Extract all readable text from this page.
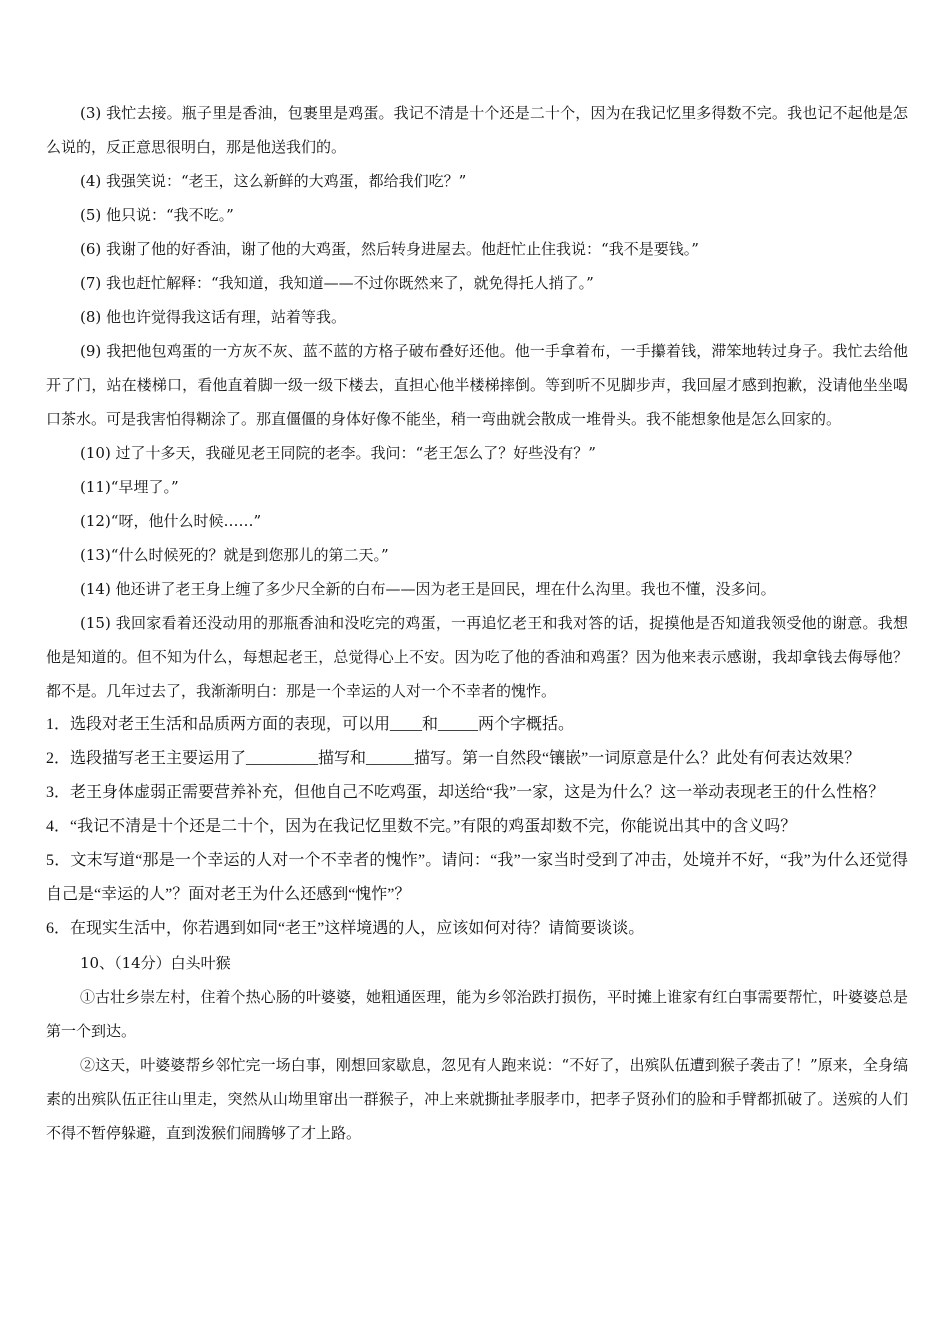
(3) 我忙去接。瓶子里是香油，包裹里是鸡蛋。我记不清是十个还是二十个，因为在我记忆里多得数不完。我也记不起他是怎么说的，反正意思很明白，那是他送我们的。

(4) 我强笑说：“老王，这么新鲜的大鸡蛋，都给我们吃？”

(5) 他只说：“我不吃。”

(6) 我谢了他的好香油，谢了他的大鸡蛋，然后转身进屋去。他赶忙止住我说：“我不是要钱。”

(7) 我也赶忙解释：“我知道，我知道——不过你既然来了，就免得托人捎了。”

(8) 他也许觉得我这话有理，站着等我。

(9) 我把他包鸡蛋的一方灰不灰、蓝不蓝的方格子破布叠好还他。他一手拿着布，一手攥着钱，滞笨地转过身子。我忙去给他开了门，站在楼梯口，看他直着脚一级一级下楼去，直担心他半楼梯摔倒。等到听不见脚步声，我回屋才感到抱歉，没请他坐坐喝口茶水。可是我害怕得糊涂了。那直僵僵的身体好像不能坐，稍一弯曲就会散成一堆骨头。我不能想象他是怎么回家的。

(10) 过了十多天，我碰见老王同院的老李。我问：“老王怎么了？好些没有？”

(11)“早埋了。”

(12)“呀，他什么时候……”

(13)“什么时候死的？就是到您那儿的第二天。”

(14) 他还讲了老王身上缠了多少尺全新的白布——因为老王是回民，埋在什么沟里。我也不懂，没多问。

(15) 我回家看着还没动用的那瓶香油和没吃完的鸡蛋，一再追忆老王和我对答的话，捉摸他是否知道我领受他的谢意。我想他是知道的。但不知为什么，每想起老王，总觉得心上不安。因为吃了他的香油和鸡蛋？因为他来表示感谢，我却拿钱去侮辱他？都不是。几年过去了，我渐渐明白：那是一个幸运的人对一个不幸者的愧怍。

1．选段对老王生活和品质两方面的表现，可以用____和_____两个字概括。

2．选段描写老王主要运用了_________描写和______描写。第一自然段“镶嵌”一词原意是什么？此处有何表达效果？

3．老王身体虚弱正需要营养补充，但他自己不吃鸡蛋，却送给“我”一家，这是为什么？这一举动表现老王的什么性格？

4．“我记不清是十个还是二十个，因为在我记忆里数不完。”有限的鸡蛋却数不完，你能说出其中的含义吗？

5．文末写道“那是一个幸运的人对一个不幸者的愧怍”。请问：“我”一家当时受到了冲击，处境并不好，“我”为什么还觉得自己是“幸运的人”？面对老王为什么还感到“愧怍”？

6．在现实生活中，你若遇到如同“老王”这样境遇的人，应该如何对待？请简要谈谈。

10、（14分）白头叶猴

①古壮乡崇左村，住着个热心肠的叶婆婆，她粗通医理，能为乡邻治跌打损伤，平时摊上谁家有红白事需要帮忙，叶婆婆总是第一个到达。

②这天，叶婆婆帮乡邻忙完一场白事，刚想回家歇息，忽见有人跑来说：“不好了，出殡队伍遭到猴子袭击了！”原来，全身缟素的出殡队伍正往山里走，突然从山坳里窜出一群猴子，冲上来就撕扯孝服孝巾，把孝子贤孙们的脸和手臂都抓破了。送殡的人们不得不暂停躲避，直到泼猴们闹腾够了才上路。
